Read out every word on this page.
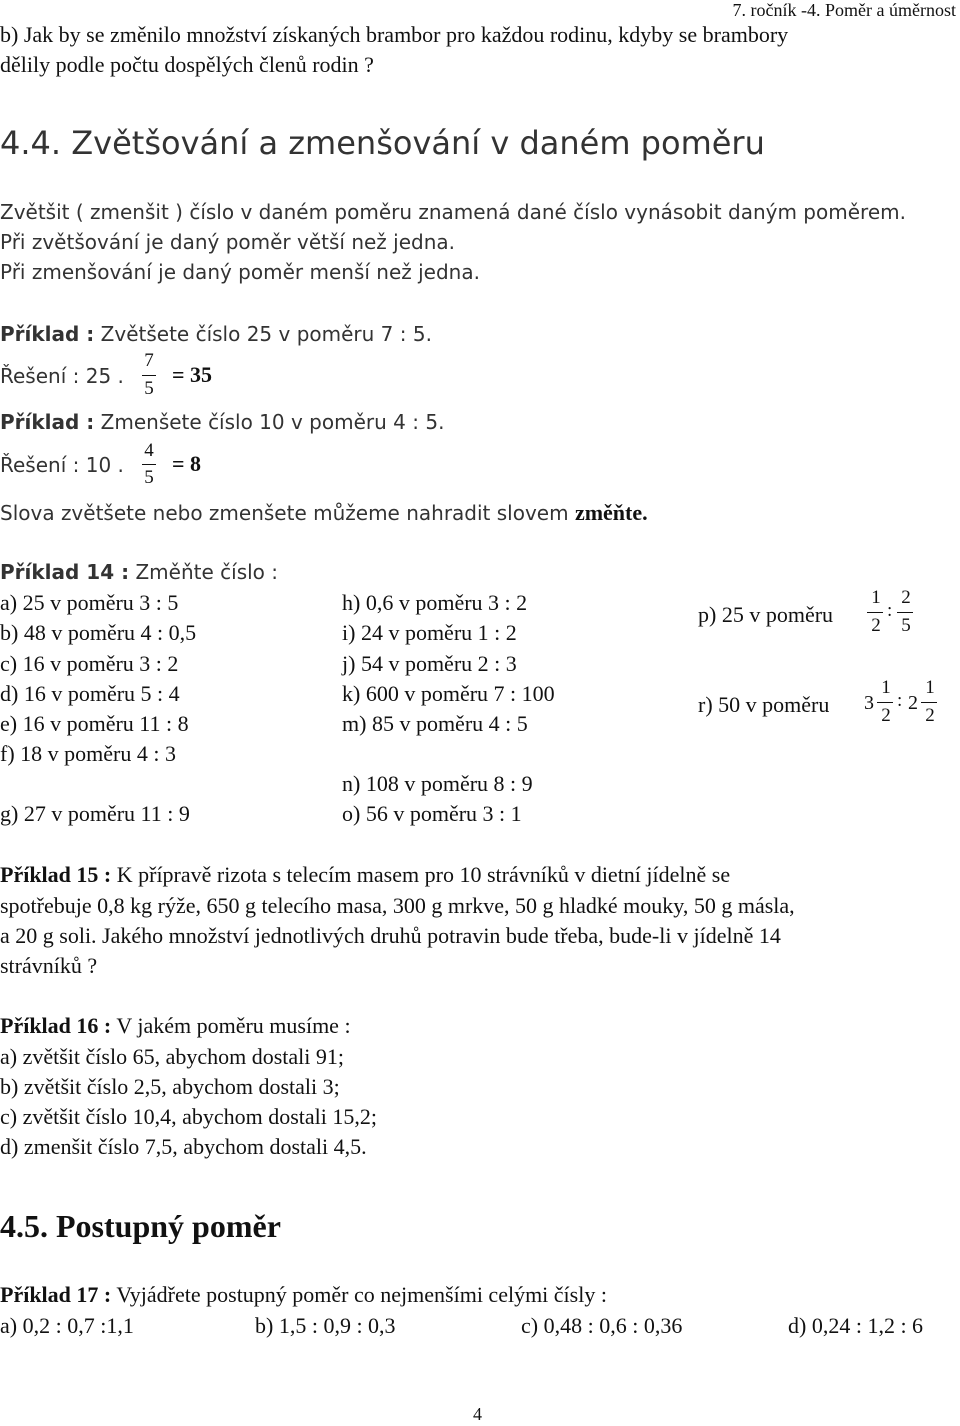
7. ročník -4. Poměr a úměrnost
b) Jak by se změnilo množství získaných brambor pro každou rodinu, kdyby se brambory
dělily podle počtu dospělých členů rodin ?
4.4. Zvětšování a zmenšování v daném poměru
Zvětšit ( zmenšit ) číslo v daném poměru znamená dané číslo vynásobit daným poměrem.
Při zvětšování je daný poměr větší než jedna.
Při zmenšování je daný poměr menší než jedna.
Příklad : Zvětšete číslo 25 v poměru 7 : 5.
Řešení : 25 .
7
5
= 35
Příklad : Zmenšete číslo 10 v poměru 4 : 5.
Řešení : 10 .
4
5
= 8
Slova zvětšete nebo zmenšete můžeme nahradit slovem změňte.
Příklad 14 : Změňte číslo :
a) 25 v poměru 3 : 5
b) 48 v poměru 4 : 0,5
c) 16 v poměru 3 : 2
d) 16 v poměru 5 : 4
e) 16 v poměru 11 : 8
f) 18 v poměru 4 : 3
g) 27 v poměru 11 : 9
h) 0,6 v poměru 3 : 2
i) 24 v poměru 1 : 2
j) 54 v poměru 2 : 3
k) 600 v poměru 7 : 100
m) 85 v poměru 4 : 5
n) 108 v poměru 8 : 9
o) 56 v poměru 3 : 1
p) 25 v poměru
1
2
:
2
5
r) 50 v poměru 3
1
2
: 2
1
2
Příklad 15 : K přípravě rizota s telecím masem pro 10 strávníků v dietní jídelně se
spotřebuje 0,8 kg rýže, 650 g telecího masa, 300 g mrkve, 50 g hladké mouky, 50 g másla,
a 20 g soli. Jakého množství jednotlivých druhů potravin bude třeba, bude-li v jídelně 14
strávníků ?
Příklad 16 : V jakém poměru musíme :
a) zvětšit číslo 65, abychom dostali 91;
b) zvětšit číslo 2,5, abychom dostali 3;
c) zvětšit číslo 10,4, abychom dostali 15,2;
d) zmenšit číslo 7,5, abychom dostali 4,5.
4.5. Postupný poměr
Příklad 17 : Vyjádřete postupný poměr co nejmenšími celými čísly :
a) 0,2 : 0,7 :1,1	b) 1,5 : 0,9 : 0,3	c) 0,48 : 0,6 : 0,36	d) 0,24 : 1,2 : 6
4
